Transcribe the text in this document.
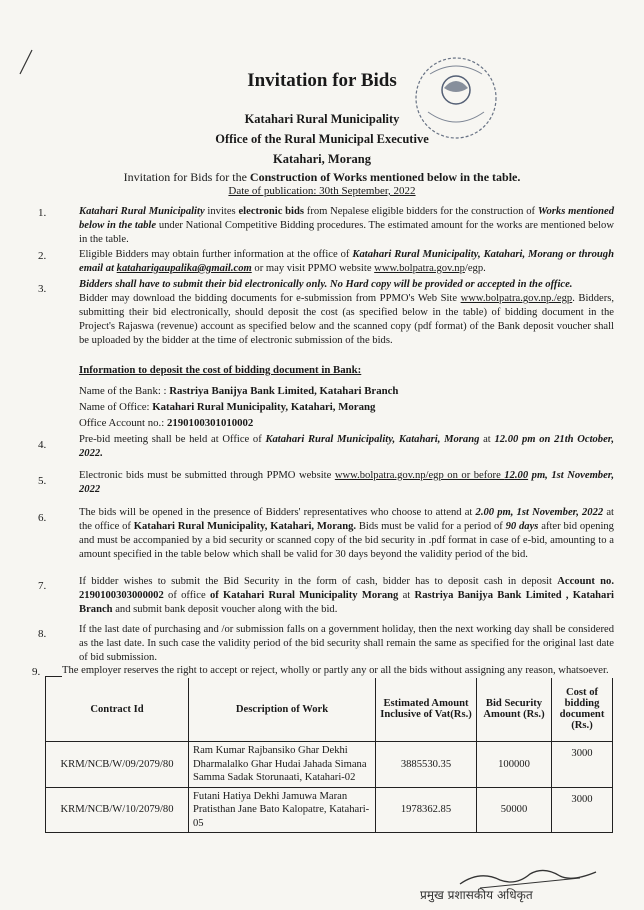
Invitation for Bids
Katahari Rural Municipality
Office of the Rural Municipal Executive
Katahari, Morang
Invitation for Bids for the Construction of Works mentioned below in the table.
Date of publication: 30th September, 2022
1.	Katahari Rural Municipality invites electronic bids from Nepalese eligible bidders for the construction of Works mentioned below in the table under National Competitive Bidding procedures. The estimated amount for the works are mentioned below in the table.
2.	Eligible Bidders may obtain further information at the office of Katahari Rural Municipality, Katahari, Morang or through email at kataharigaupalika@gmail.com or may visit PPMO website www.bolpatra.gov.np/egp.
3.	Bidders shall have to submit their bid electronically only. No Hard copy will be provided or accepted in the office.
Bidder may download the bidding documents for e-submission from PPMO's Web Site www.bolpatra.gov.np./egp. Bidders, submitting their bid electronically, should deposit the cost (as specified below in the table) of bidding document in the Project's Rajaswa (revenue) account as specified below and the scanned copy (pdf format) of the Bank deposit voucher shall be uploaded by the bidder at the time of electronic submission of the bids.
Information to deposit the cost of bidding document in Bank:
Name of the Bank: : Rastriya Banijya Bank Limited, Katahari Branch
Name of Office: Katahari Rural Municipality, Katahari, Morang
Office Account no.: 2190100301010002
4.	Pre-bid meeting shall be held at Office of Katahari Rural Municipality, Katahari, Morang at 12.00 pm on 21th October, 2022.
5.	Electronic bids must be submitted through PPMO website www.bolpatra.gov.np/egp on or before 12.00 pm, 1st November, 2022
6.	The bids will be opened in the presence of Bidders' representatives who choose to attend at 2.00 pm, 1st November, 2022 at the office of Katahari Rural Municipality, Katahari, Morang. Bids must be valid for a period of 90 days after bid opening and must be accompanied by a bid security or scanned copy of the bid security in .pdf format in case of e-bid, amounting to a amount specified in the table below which shall be valid for 30 days beyond the validity period of the bid.
7.	If bidder wishes to submit the Bid Security in the form of cash, bidder has to deposit cash in deposit Account no. 2190100303000002 of office of Katahari Rural Municipality Morang at Rastriya Banijya Bank Limited , Katahari Branch and submit bank deposit voucher along with the bid.
8.	If the last date of purchasing and /or submission falls on a government holiday, then the next working day shall be considered as the last date. In such case the validity period of the bid security shall remain the same as specified for the original last date of bid submission.
9. The employer reserves the right to accept or reject, wholly or partly any or all the bids without assigning any reason, whatsoever.
Contract Id	Description of Work	Estimated Amount Inclusive of Vat(Rs.)	Bid Security Amount (Rs.)	Cost of bidding document (Rs.)
KRM/NCB/W/09/2079/80	Ram Kumar Rajbansiko Ghar Dekhi Dharmalalko Ghar Hudai Jahada Simana Samma Sadak Storunaati, Katahari-02	3885530.35	100000	3000
KRM/NCB/W/10/2079/80	Futani Hatiya Dekhi Jamuwa Maran Pratisthan Jane Bato Kalopatre, Katahari-05	1978362.85	50000	3000
प्रमुख प्रशासकीय अधिकृत
